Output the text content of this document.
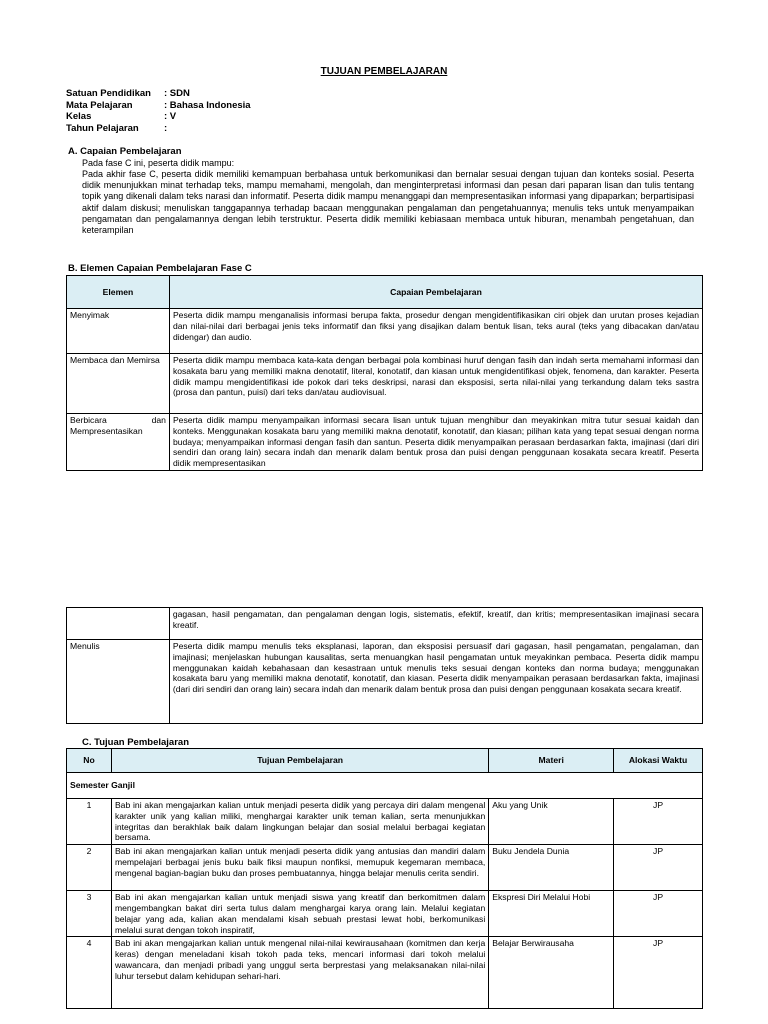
TUJUAN PEMBELAJARAN
Satuan Pendidikan	: SDN
Mata Pelajaran	: Bahasa Indonesia
Kelas	: V
Tahun Pelajaran	:
A. Capaian Pembelajaran
Pada fase C ini, peserta didik mampu:
Pada akhir fase C, peserta didik memiliki kemampuan berbahasa untuk berkomunikasi dan bernalar sesuai dengan tujuan dan konteks sosial. Peserta didik menunjukkan minat terhadap teks, mampu memahami, mengolah, dan menginterpretasi informasi dan pesan dari paparan lisan dan tulis tentang topik yang dikenali dalam teks narasi dan informatif. Peserta didik mampu menanggapi dan mempresentasikan informasi yang dipaparkan; berpartisipasi aktif dalam diskusi; menuliskan tanggapannya terhadap bacaan menggunakan pengalaman dan pengetahuannya; menulis teks untuk menyampaikan pengamatan dan pengalamannya dengan lebih terstruktur. Peserta didik memiliki kebiasaan membaca untuk hiburan, menambah pengetahuan, dan keterampilan
B. Elemen Capaian Pembelajaran Fase C
Elemen	Capaian Pembelajaran
Menyimak	Peserta didik mampu menganalisis informasi berupa fakta, prosedur dengan mengidentifikasikan ciri objek dan urutan proses kejadian dan nilai-nilai dari berbagai jenis teks informatif dan fiksi yang disajikan dalam bentuk lisan, teks aural (teks yang dibacakan dan/atau didengar) dan audio.
Membaca dan Memirsa	Peserta didik mampu membaca kata-kata dengan berbagai pola kombinasi huruf dengan fasih dan indah serta memahami informasi dan kosakata baru yang memiliki makna denotatif, literal, konotatif, dan kiasan untuk mengidentifikasi objek, fenomena, dan karakter. Peserta didik mampu mengidentifikasi ide pokok dari teks deskripsi, narasi dan eksposisi, serta nilai-nilai yang terkandung dalam teks sastra (prosa dan pantun, puisi) dari teks dan/atau audiovisual.
Berbicara dan Mempresentasikan	Peserta didik mampu menyampaikan informasi secara lisan untuk tujuan menghibur dan meyakinkan mitra tutur sesuai kaidah dan konteks. Menggunakan kosakata baru yang memiliki makna denotatif, konotatif, dan kiasan; pilihan kata yang tepat sesuai dengan norma budaya; menyampaikan informasi dengan fasih dan santun. Peserta didik menyampaikan perasaan berdasarkan fakta, imajinasi (dari diri sendiri dan orang lain) secara indah dan menarik dalam bentuk prosa dan puisi dengan penggunaan kosakata secara kreatif. Peserta didik mempresentasikan
	gagasan, hasil pengamatan, dan pengalaman dengan logis, sistematis, efektif, kreatif, dan kritis; mempresentasikan imajinasi secara kreatif.
Menulis	Peserta didik mampu menulis teks eksplanasi, laporan, dan eksposisi persuasif dari gagasan, hasil pengamatan, pengalaman, dan imajinasi; menjelaskan hubungan kausalitas, serta menuangkan hasil pengamatan untuk meyakinkan pembaca. Peserta didik mampu menggunakan kaidah kebahasaan dan kesastraan untuk menulis teks sesuai dengan konteks dan norma budaya; menggunakan kosakata baru yang memiliki makna denotatif, konotatif, dan kiasan. Peserta didik menyampaikan perasaan berdasarkan fakta, imajinasi (dari diri sendiri dan orang lain) secara indah dan menarik dalam bentuk prosa dan puisi dengan penggunaan kosakata secara kreatif.
C. Tujuan Pembelajaran
No	Tujuan Pembelajaran	Materi	Alokasi Waktu
Semester Ganjil			
1	Bab ini akan mengajarkan kalian untuk menjadi peserta didik yang percaya diri dalam mengenal karakter unik yang kalian miliki, menghargai karakter unik teman kalian, serta menunjukkan integritas dan berakhlak baik dalam lingkungan belajar dan sosial melalui berbagai kegiatan bersama.	Aku yang Unik	JP
2	Bab ini akan mengajarkan kalian untuk menjadi peserta didik yang antusias dan mandiri dalam mempelajari berbagai jenis buku baik fiksi maupun nonfiksi, memupuk kegemaran membaca, mengenal bagian-bagian buku dan proses pembuatannya, hingga belajar menulis cerita sendiri.	Buku Jendela Dunia	JP
3	Bab ini akan mengajarkan kalian untuk menjadi siswa yang kreatif dan berkomitmen dalam mengembangkan bakat diri serta tulus dalam menghargai karya orang lain. Melalui kegiatan belajar yang ada, kalian akan mendalami kisah sebuah prestasi lewat hobi, berkomunikasi melalui surat dengan tokoh inspiratif,	Ekspresi Diri Melalui Hobi	JP
4	Bab ini akan mengajarkan kalian untuk mengenal nilai-nilai kewirausahaan (komitmen dan kerja keras) dengan meneladani kisah tokoh pada teks, mencari informasi dari tokoh melalui wawancara, dan menjadi pribadi yang unggul serta berprestasi yang melaksanakan nilai-nilai luhur tersebut dalam kehidupan sehari-hari.	Belajar Berwirausaha	JP
